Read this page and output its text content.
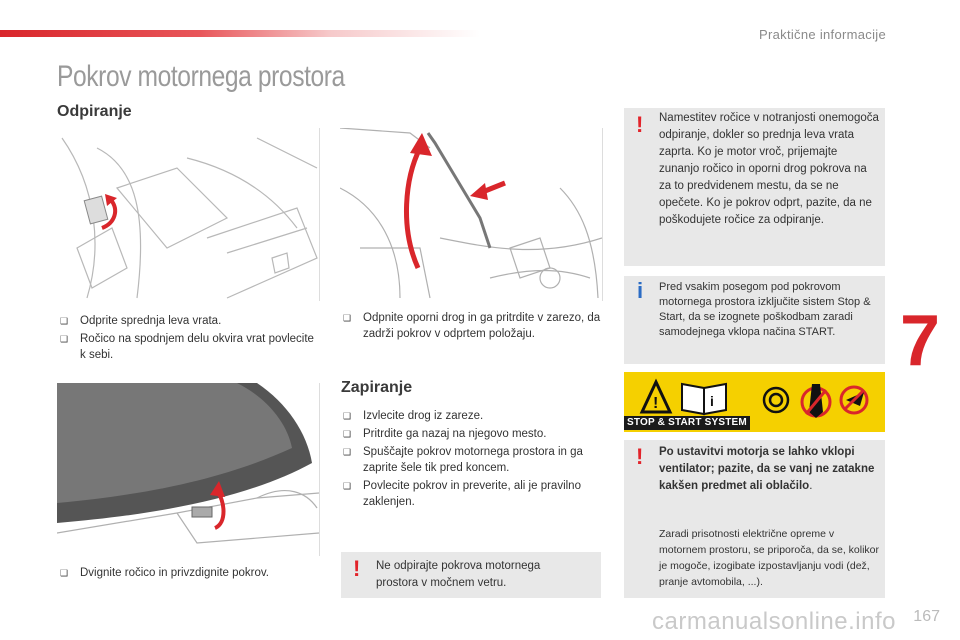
Praktične informacije
Pokrov motornega prostora
Odpiranje
❑ Odprite sprednja leva vrata.
❑ Ročico na spodnjem delu okvira vrat povlecite k sebi.
❑ Odpnite oporni drog in ga pritrdite v zarezo, da zadrži pokrov v odprtem položaju.
❑ Dvignite ročico in privzdignite pokrov.
Zapiranje
❑ Izvlecite drog iz zareze.
❑ Pritrdite ga nazaj na njegovo mesto.
❑ Spuščajte pokrov motornega prostora in ga zaprite šele tik pred koncem.
❑ Povlecite pokrov in preverite, ali je pravilno zaklenjen.
! Ne odpirajte pokrova motornega prostora v močnem vetru.
! Namestitev ročice v notranjosti onemogoča odpiranje, dokler so prednja leva vrata zaprta. Ko je motor vroč, prijemajte zunanjo ročico in oporni drog pokrova na za to predvidenem mestu, da se ne opečete. Ko je pokrov odprt, pazite, da ne poškodujete ročice za odpiranje.
i Pred vsakim posegom pod pokrovom motornega prostora izključite sistem Stop & Start, da se izognete poškodbam zaradi samodejnega vklopa načina START.
!	i
STOP & START SYSTEM
! Po ustavitvi motorja se lahko vklopi ventilator; pazite, da se vanj ne zatakne kakšen predmet ali oblačilo.
Zaradi prisotnosti električne opreme v motornem prostoru, se priporoča, da se, kolikor je mogoče, izogibate izpostavljanju vodi (dež, pranje avtomobila, ...).
7
carmanualsonline.info 167
